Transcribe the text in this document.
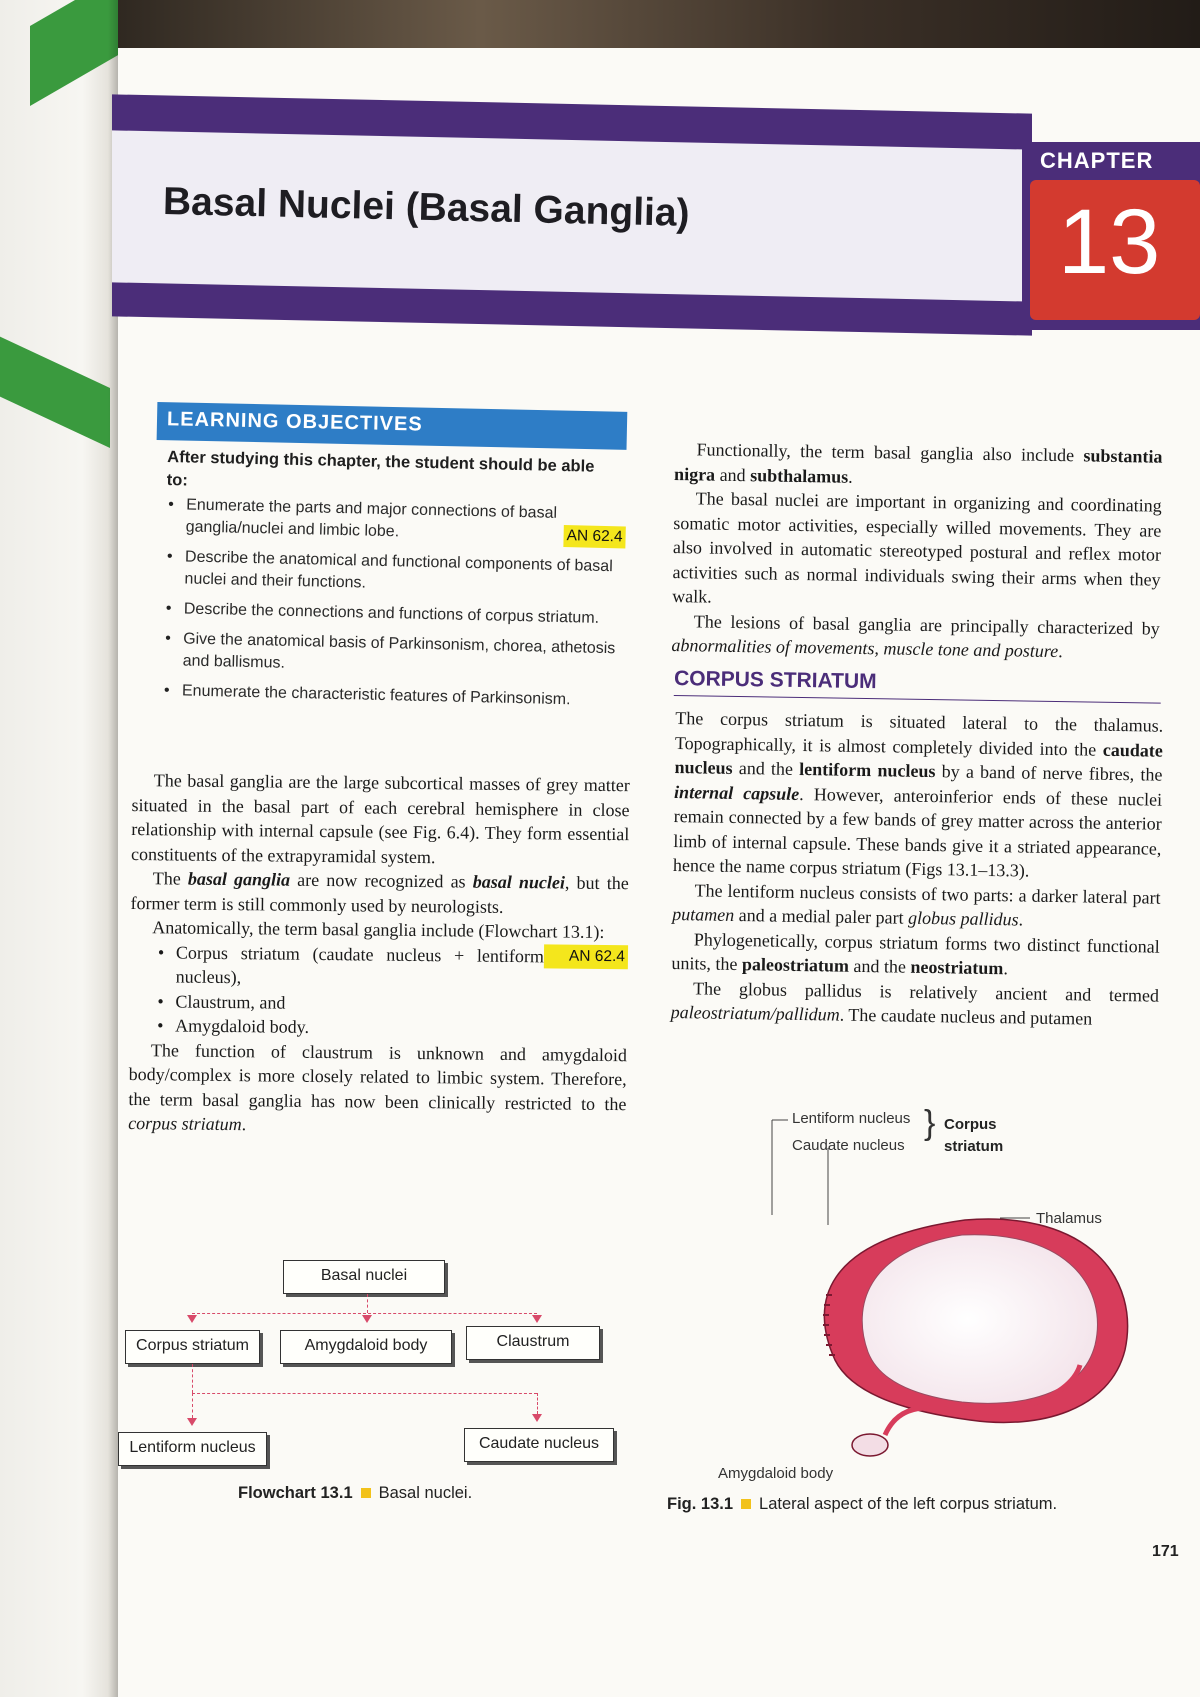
Basal Nuclei (Basal Ganglia)
CHAPTER
13
LEARNING OBJECTIVES
After studying this chapter, the student should be able to:
• Enumerate the parts and major connections of basal ganglia/nuclei and limbic lobe.	AN 62.4
• Describe the anatomical and functional components of basal nuclei and their functions.
• Describe the connections and functions of corpus striatum.
• Give the anatomical basis of Parkinsonism, chorea, athetosis and ballismus.
• Enumerate the characteristic features of Parkinsonism.

The basal ganglia are the large subcortical masses of grey matter situated in the basal part of each cerebral hemisphere in close relationship with internal capsule (see Fig. 6.4). They form essential constituents of the extrapyramidal system.

The basal ganglia are now recognized as basal nuclei, but the former term is still commonly used by neurologists.

Anatomically, the term basal ganglia include (Flowchart 13.1):
AN 62.4

• Corpus striatum (caudate nucleus + lentiform nucleus),
• Claustrum, and
• Amygdaloid body.

The function of claustrum is unknown and amygdaloid body/complex is more closely related to limbic system. Therefore, the term basal ganglia has now been clinically restricted to the corpus striatum.

Functionally, the term basal ganglia also include substantia nigra and subthalamus.

The basal nuclei are important in organizing and coordinating somatic motor activities, especially willed movements. They are also involved in automatic stereotyped postural and reflex motor activities such as normal individuals swing their arms when they walk.

The lesions of basal ganglia are principally characterized by abnormalities of movements, muscle tone and posture.

CORPUS STRIATUM

The corpus striatum is situated lateral to the thalamus. Topographically, it is almost completely divided into the caudate nucleus and the lentiform nucleus by a band of nerve fibres, the internal capsule. However, anteroinferior ends of these nuclei remain connected by a few bands of grey matter across the anterior limb of internal capsule. These bands give it a striated appearance, hence the name corpus striatum (Figs 13.1–13.3).

The lentiform nucleus consists of two parts: a darker lateral part putamen and a medial paler part globus pallidus.

Phylogenetically, corpus striatum forms two distinct functional units, the paleostriatum and the neostriatum.

The globus pallidus is relatively ancient and termed paleostriatum/pallidum. The caudate nucleus and putamen

Basal nuclei
Corpus striatum	Amygdaloid body	Claustrum
Lentiform nucleus	Caudate nucleus
Flowchart 13.1 Basal nuclei.
Lentiform nucleus
Caudate nucleus
} Corpus
striatum
Thalamus
Amygdaloid body
Fig. 13.1 Lateral aspect of the left corpus striatum.
171
